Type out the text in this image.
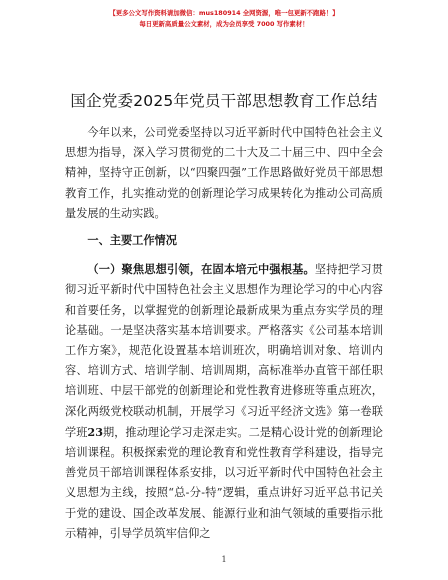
【更多公文写作资料请加微信：mus180914 全网资源，唯一包更新不跑路！】
每日更新高质量公文素材，成为会员享受 7000 写作素材！
国企党委2025年党员干部思想教育工作总结

今年以来，公司党委坚持以习近平新时代中国特色社会主义思想为指导，深入学习贯彻党的二十大及二十届三中、四中全会精神，坚持守正创新，以“四聚四强”工作思路做好党员干部思想教育工作，扎实推动党的创新理论学习成果转化为推动公司高质量发展的生动实践。

一、主要工作情况

（一）聚焦思想引领，在固本培元中强根基。坚持把学习贯彻习近平新时代中国特色社会主义思想作为理论学习的中心内容和首要任务，以掌握党的创新理论最新成果为重点夯实学员的理论基础。一是坚决落实基本培训要求。严格落实《公司基本培训工作方案》，规范化设置基本培训班次，明确培训对象、培训内容、培训方式、培训学制、培训周期，高标准举办直管干部任职培训班、中层干部党的创新理论和党性教育进修班等重点班次，深化两级党校联动机制，开展学习《习近平经济文选》第一卷联学班23期，推动理论学习走深走实。二是精心设计党的创新理论培训课程。积极探索党的理论教育和党性教育学科建设，指导完善党员干部培训课程体系安排，以习近平新时代中国特色社会主义思想为主线，按照“总-分-特”逻辑，重点讲好习近平总书记关于党的建设、国企改革发展、能源行业和油气领域的重要指示批示精神，引导学员筑牢信仰之

1
